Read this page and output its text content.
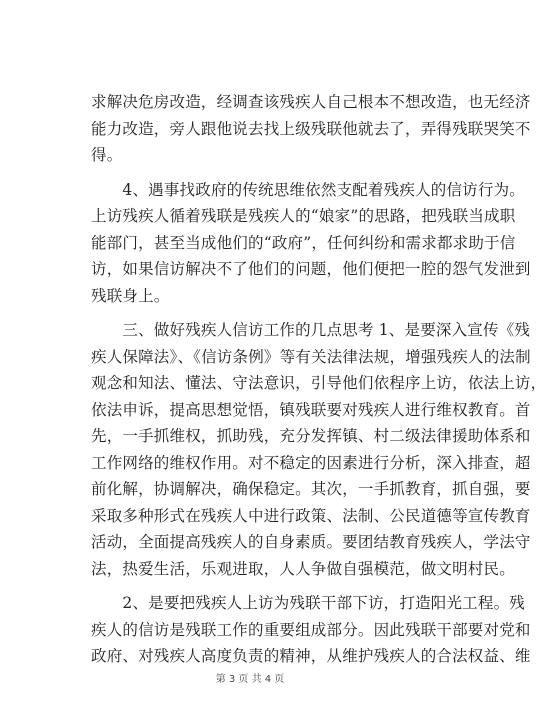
求解决危房改造，经调查该残疾人自己根本不想改造，也无经济
能力改造，旁人跟他说去找上级残联他就去了，弄得残联哭笑不
得。

　　4、遇事找政府的传统思维依然支配着残疾人的信访行为。
上访残疾人循着残联是残疾人的“娘家”的思路，把残联当成职
能部门，甚至当成他们的“政府”，任何纠纷和需求都求助于信
访，如果信访解决不了他们的问题，他们便把一腔的怨气发泄到
残联身上。

　　三、做好残疾人信访工作的几点思考 1、是要深入宣传《残
疾人保障法》、《信访条例》等有关法律法规，增强残疾人的法制
观念和知法、懂法、守法意识，引导他们依程序上访，依法上访，
依法申诉，提高思想觉悟，镇残联要对残疾人进行维权教育。首
先，一手抓维权，抓助残，充分发挥镇、村二级法律援助体系和
工作网络的维权作用。对不稳定的因素进行分析，深入排查，超
前化解，协调解决，确保稳定。其次，一手抓教育，抓自强，要
采取多种形式在残疾人中进行政策、法制、公民道德等宣传教育
活动，全面提高残疾人的自身素质。要团结教育残疾人，学法守
法，热爱生活，乐观进取，人人争做自强模范，做文明村民。

　　2、是要把残疾人上访为残联干部下访，打造阳光工程。残
疾人的信访是残联工作的重要组成部分。因此残联干部要对党和
政府、对残疾人高度负责的精神，从维护残疾人的合法权益、维

第 3 页 共 4 页
